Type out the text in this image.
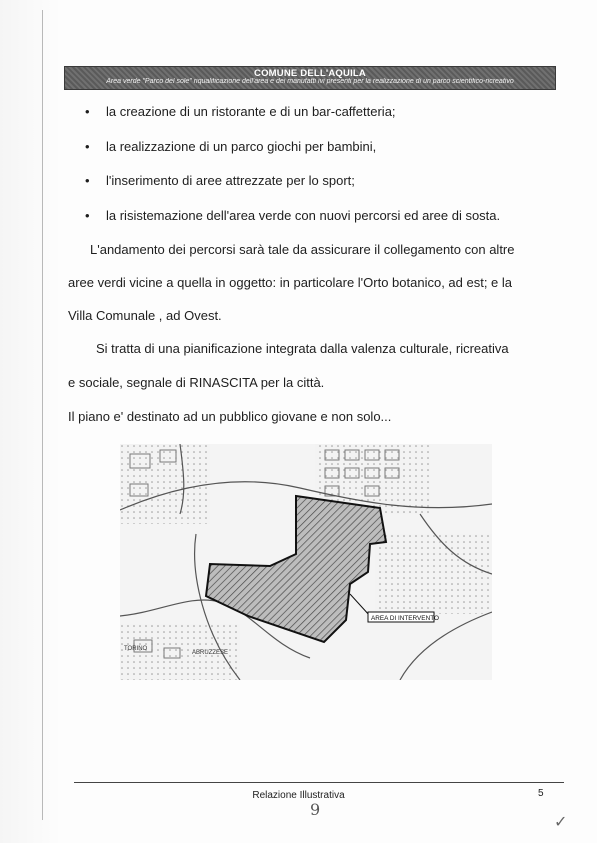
COMUNE DELL'AQUILA
Area verde "Parco del sole" riqualificazione dell'area e dei manufatti ivi presenti per la realizzazione di un parco scientifico-ricreativo
• la creazione di un ristorante e di un bar-caffetteria;
• la realizzazione di un parco giochi per bambini,
• l'inserimento di aree attrezzate per lo sport;
• la risistemazione dell'area verde con nuovi percorsi ed aree di sosta.
L'andamento dei percorsi sarà tale da assicurare il collegamento con altre
aree verdi vicine a quella in oggetto: in particolare l'Orto botanico, ad est; e la
Villa Comunale , ad Ovest.
Si tratta di una pianificazione integrata dalla valenza culturale, ricreativa
e sociale, segnale di RINASCITA per la città.
Il piano e' destinato ad un pubblico giovane e non solo...
AREA DI INTERVENTO
TORINO
ABRUZZESE
Relazione Illustrativa	5
9
✓
